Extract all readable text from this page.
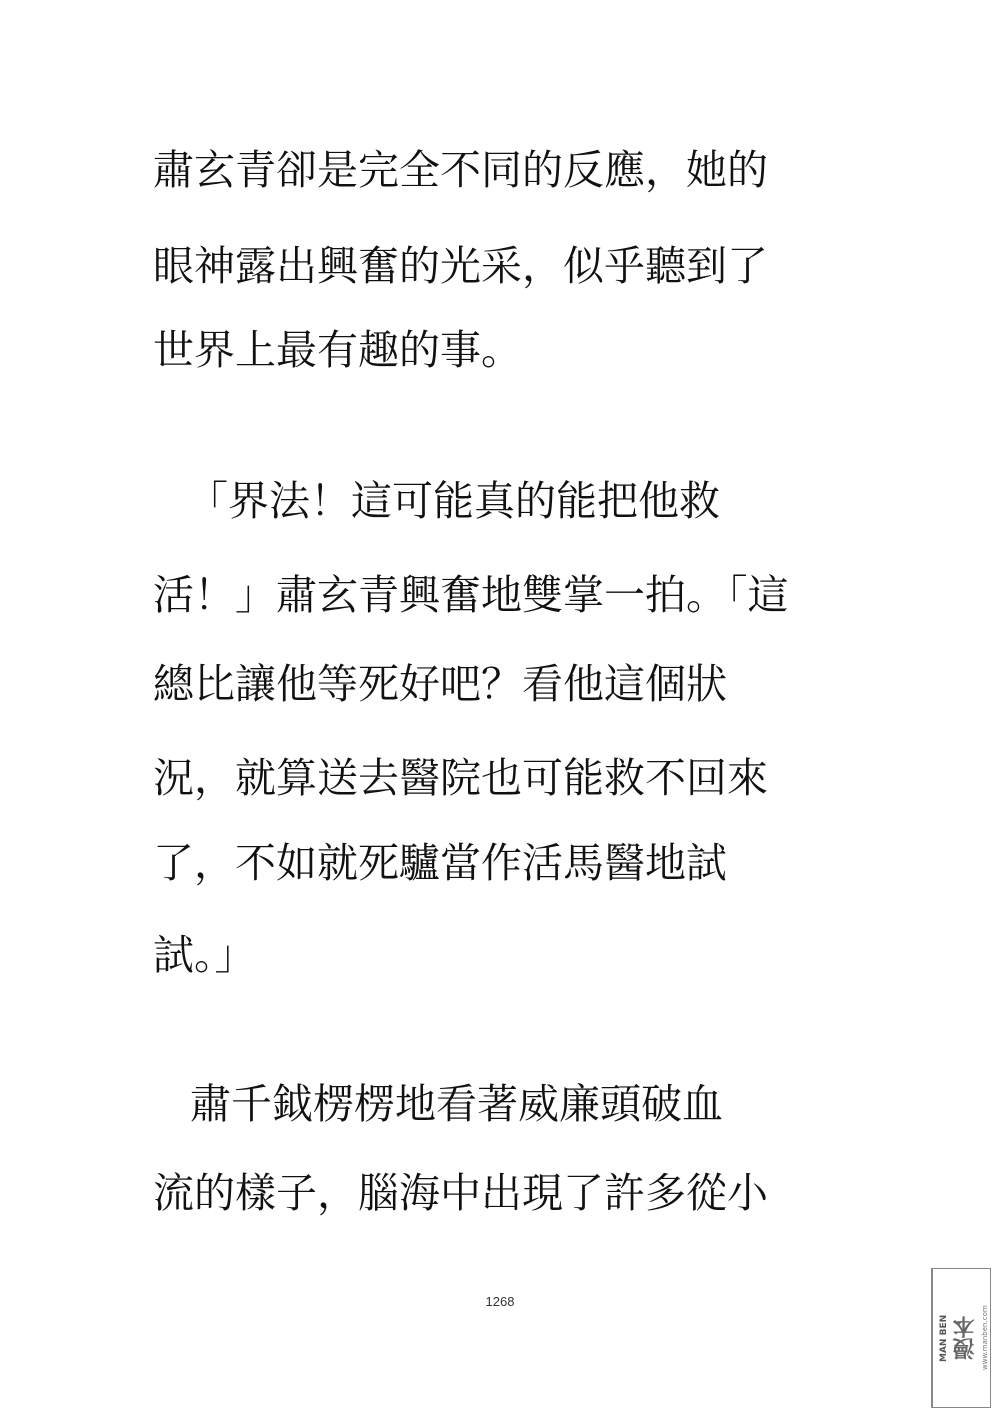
肅玄青卻是完全不同的反應，她的
眼神露出興奮的光采，似乎聽到了
世界上最有趣的事。
「界法！這可能真的能把他救
活！」肅玄青興奮地雙掌一拍。「這
總比讓他等死好吧？看他這個狀
況，就算送去醫院也可能救不回來
了，不如就死驢當作活馬醫地試
試。」
肅千鉞楞楞地看著威廉頭破血
流的樣子，腦海中出現了許多從小
1268
MAN BEN 漫本 www.manben.com
